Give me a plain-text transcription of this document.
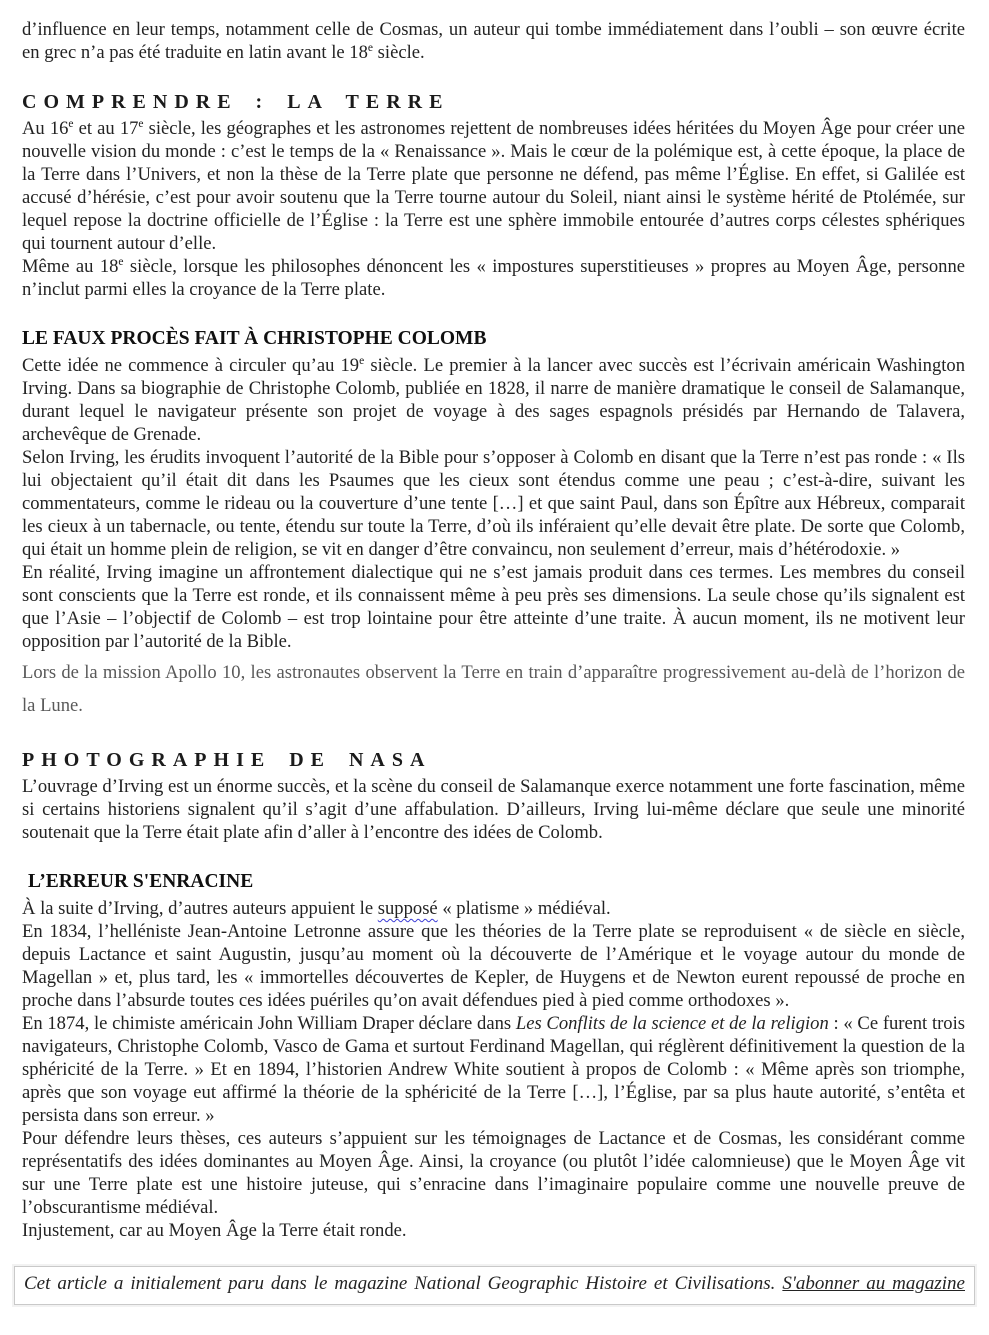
d’influence en leur temps, notamment celle de Cosmas, un auteur qui tombe immédiatement dans l’oubli – son œuvre écrite en grec n’a pas été traduite en latin avant le 18e siècle.

COMPRENDRE : LA TERRE

Au 16e et au 17e siècle, les géographes et les astronomes rejettent de nombreuses idées héritées du Moyen Âge pour créer une nouvelle vision du monde : c’est le temps de la « Renaissance ». Mais le cœur de la polémique est, à cette époque, la place de la Terre dans l’Univers, et non la thèse de la Terre plate que personne ne défend, pas même l’Église. En effet, si Galilée est accusé d’hérésie, c’est pour avoir soutenu que la Terre tourne autour du Soleil, niant ainsi le système hérité de Ptolémée, sur lequel repose la doctrine officielle de l’Église : la Terre est une sphère immobile entourée d’autres corps célestes sphériques qui tournent autour d’elle.

Même au 18e siècle, lorsque les philosophes dénoncent les « impostures superstitieuses » propres au Moyen Âge, personne n’inclut parmi elles la croyance de la Terre plate.

LE FAUX PROCÈS FAIT À CHRISTOPHE COLOMB

Cette idée ne commence à circuler qu’au 19e siècle. Le premier à la lancer avec succès est l’écrivain américain Washington Irving. Dans sa biographie de Christophe Colomb, publiée en 1828, il narre de manière dramatique le conseil de Salamanque, durant lequel le navigateur présente son projet de voyage à des sages espagnols présidés par Hernando de Talavera, archevêque de Grenade.

Selon Irving, les érudits invoquent l’autorité de la Bible pour s’opposer à Colomb en disant que la Terre n’est pas ronde : « Ils lui objectaient qu’il était dit dans les Psaumes que les cieux sont étendus comme une peau ; c’est-à-dire, suivant les commentateurs, comme le rideau ou la couverture d’une tente […] et que saint Paul, dans son Épître aux Hébreux, comparait les cieux à un tabernacle, ou tente, étendu sur toute la Terre, d’où ils inféraient qu’elle devait être plate. De sorte que Colomb, qui était un homme plein de religion, se vit en danger d’être convaincu, non seulement d’erreur, mais d’hétérodoxie. »

En réalité, Irving imagine un affrontement dialectique qui ne s’est jamais produit dans ces termes. Les membres du conseil sont conscients que la Terre est ronde, et ils connaissent même à peu près ses dimensions. La seule chose qu’ils signalent est que l’Asie – l’objectif de Colomb – est trop lointaine pour être atteinte d’une traite. À aucun moment, ils ne motivent leur opposition par l’autorité de la Bible.

Lors de la mission Apollo 10, les astronautes observent la Terre en train d’apparaître progressivement au-delà de l’horizon de la Lune.

PHOTOGRAPHIE DE NASA

L’ouvrage d’Irving est un énorme succès, et la scène du conseil de Salamanque exerce notamment une forte fascination, même si certains historiens signalent qu’il s’agit d’une affabulation. D’ailleurs, Irving lui-même déclare que seule une minorité soutenait que la Terre était plate afin d’aller à l’encontre des idées de Colomb.

L’ERREUR S'ENRACINE

À la suite d’Irving, d’autres auteurs appuient le supposé « platisme » médiéval.

En 1834, l’helléniste Jean-Antoine Letronne assure que les théories de la Terre plate se reproduisent « de siècle en siècle, depuis Lactance et saint Augustin, jusqu’au moment où la découverte de l’Amérique et le voyage autour du monde de Magellan » et, plus tard, les « immortelles découvertes de Kepler, de Huygens et de Newton eurent repoussé de proche en proche dans l’absurde toutes ces idées puériles qu’on avait défendues pied à pied comme orthodoxes ».

En 1874, le chimiste américain John William Draper déclare dans Les Conflits de la science et de la religion : « Ce furent trois navigateurs, Christophe Colomb, Vasco de Gama et surtout Ferdinand Magellan, qui réglèrent définitivement la question de la sphéricité de la Terre. » Et en 1894, l’historien Andrew White soutient à propos de Colomb : « Même après son triomphe, après que son voyage eut affirmé la théorie de la sphéricité de la Terre […], l’Église, par sa plus haute autorité, s’entêta et persista dans son erreur. »

Pour défendre leurs thèses, ces auteurs s’appuient sur les témoignages de Lactance et de Cosmas, les considérant comme représentatifs des idées dominantes au Moyen Âge. Ainsi, la croyance (ou plutôt l’idée calomnieuse) que le Moyen Âge vit sur une Terre plate est une histoire juteuse, qui s’enracine dans l’imaginaire populaire comme une nouvelle preuve de l’obscurantisme médiéval.

Injustement, car au Moyen Âge la Terre était ronde.

Cet article a initialement paru dans le magazine National Geographic Histoire et Civilisations. S'abonner au magazine
